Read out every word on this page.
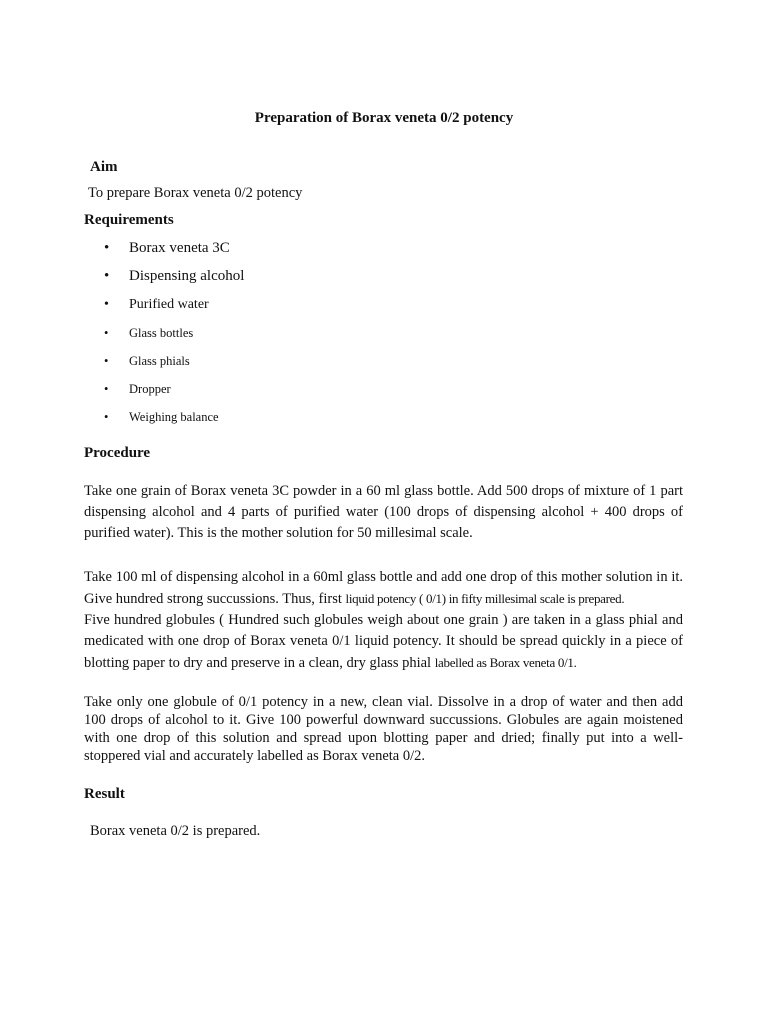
Preparation of Borax veneta 0/2 potency
Aim
To prepare Borax veneta 0/2 potency
Requirements
•	Borax veneta 3C
•	Dispensing alcohol
•	Purified water
•	Glass bottles
•	Glass phials
•	Dropper
•	Weighing balance
Procedure

Take one grain of Borax veneta 3C powder in a 60 ml glass bottle. Add 500 drops of mixture of 1 part dispensing alcohol and 4 parts of purified water (100 drops of dispensing alcohol + 400 drops of purified water). This is the mother solution for 50 millesimal scale.

Take 100 ml of dispensing alcohol in a 60ml glass bottle and add one drop of this mother solution in it. Give hundred strong succussions. Thus, first liquid potency ( 0/1) in fifty millesimal scale is prepared.

Five hundred globules ( Hundred such globules weigh about one grain ) are taken in a glass phial and medicated with one drop of Borax veneta 0/1 liquid potency. It should be spread quickly in a piece of blotting paper to dry and preserve in a clean, dry glass phial labelled as Borax veneta 0/1.

Take only one globule of 0/1 potency in a new, clean vial. Dissolve in a drop of water and then add 100 drops of alcohol to it. Give 100 powerful downward succussions. Globules are again moistened with one drop of this solution and spread upon blotting paper and dried; finally put into a well-stoppered vial and accurately labelled as Borax veneta 0/2.

Result
Borax veneta 0/2 is prepared.
